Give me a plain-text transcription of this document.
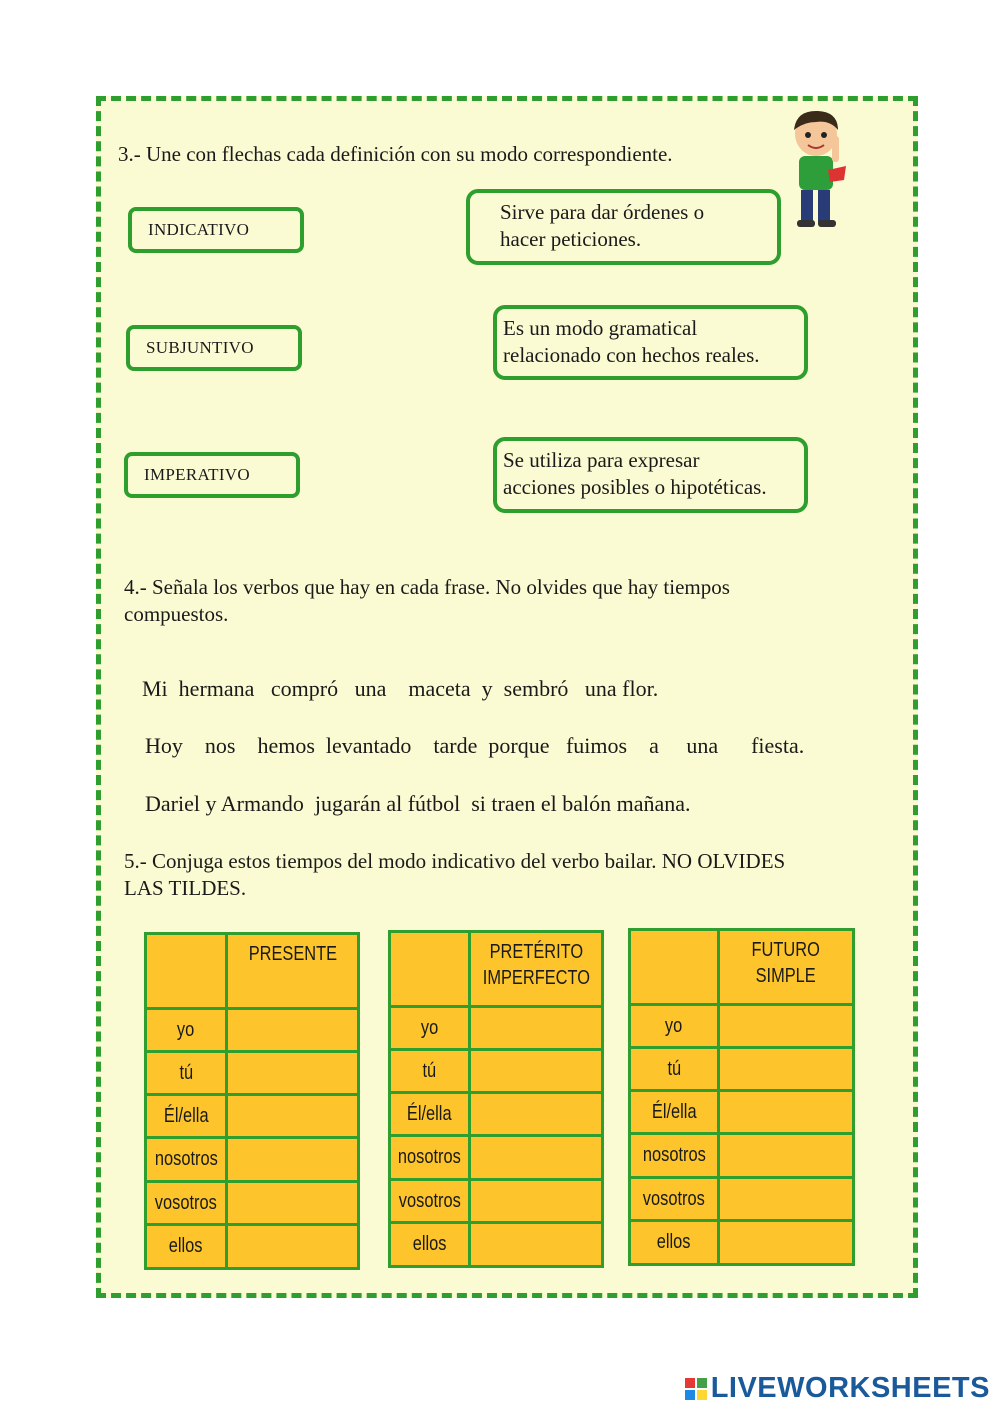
3.- Une con flechas cada definición con su modo correspondiente.
INDICATIVO
SUBJUNTIVO
IMPERATIVO
Sirve para dar órdenes o
hacer peticiones.
Es un modo gramatical
relacionado con hechos reales.
Se utiliza para expresar
acciones posibles o hipotéticas.
4.- Señala los verbos que hay en cada frase. No olvides que hay tiempos
compuestos.
Mi  hermana   compró   una    maceta  y  sembró   una flor.
Hoy    nos    hemos  levantado    tarde  porque   fuimos    a     una      fiesta.
Dariel y Armando  jugarán al fútbol  si traen el balón mañana.
5.- Conjuga estos tiempos del modo indicativo del verbo bailar. NO OLVIDES
LAS TILDES.
	PRESENTE
yo	
tú	
Él/ella	
nosotros	
vosotros	
ellos	
	PRETÉRITO
IMPERFECTO
yo	
tú	
Él/ella	
nosotros	
vosotros	
ellos	
	FUTURO
SIMPLE
yo	
tú	
Él/ella	
nosotros	
vosotros	
ellos	
LIVEWORKSHEETS
